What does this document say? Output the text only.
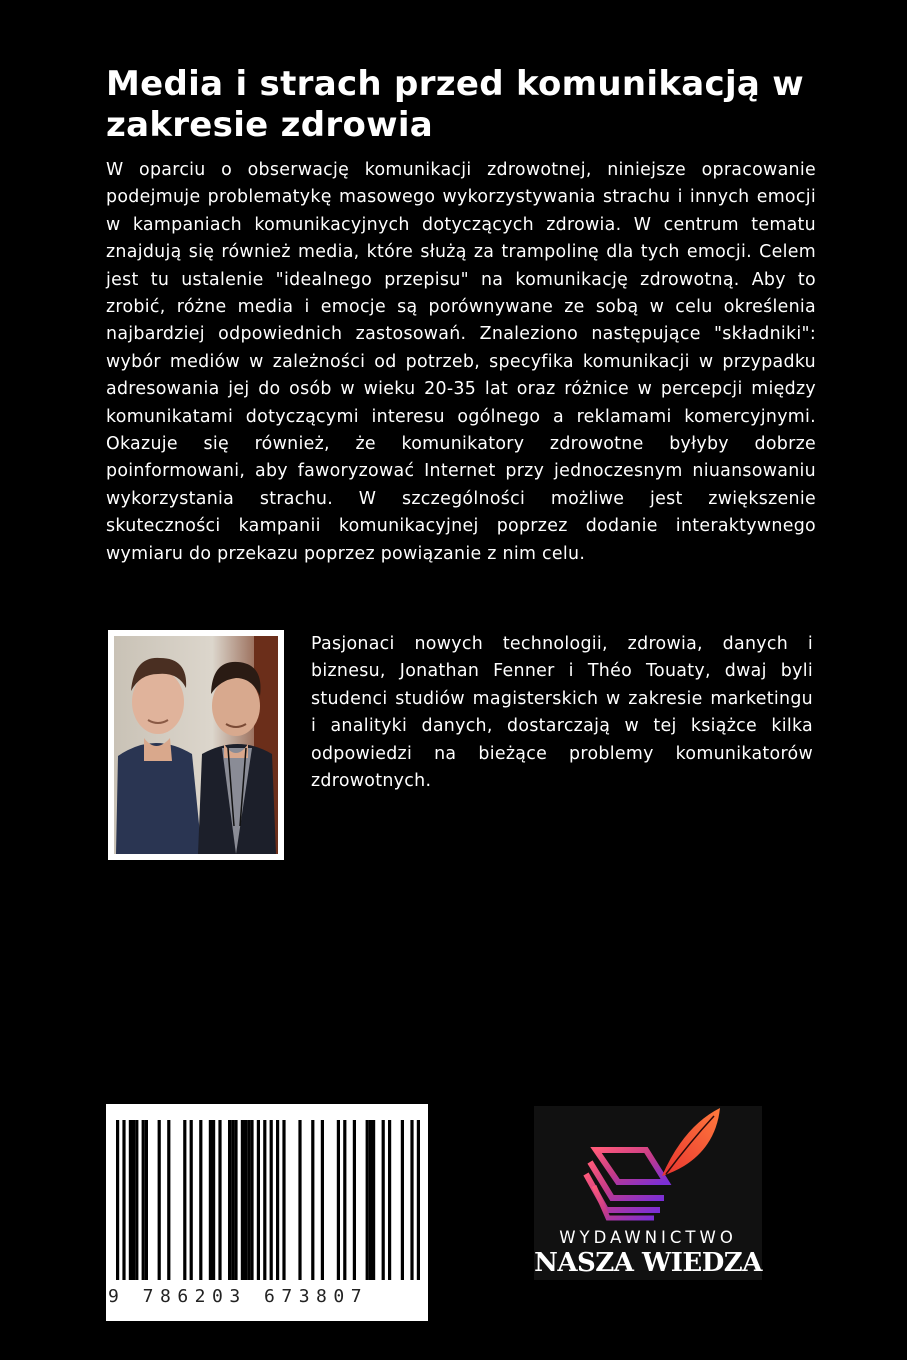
Media i strach przed komunikacją w zakresie zdrowia

W oparciu o obserwację komunikacji zdrowotnej, niniejsze opracowanie podejmuje problematykę masowego wykorzystywania strachu i innych emocji w kampaniach komunikacyjnych dotyczących zdrowia. W centrum tematu znajdują się również media, które służą za trampolinę dla tych emocji. Celem jest tu ustalenie "idealnego przepisu" na komunikację zdrowotną. Aby to zrobić, różne media i emocje są porównywane ze sobą w celu określenia najbardziej odpowiednich zastosowań. Znaleziono następujące "składniki": wybór mediów w zależności od potrzeb, specyfika komunikacji w przypadku adresowania jej do osób w wieku 20-35 lat oraz różnice w percepcji między komunikatami dotyczącymi interesu ogólnego a reklamami komercyjnymi. Okazuje się również, że komunikatory zdrowotne byłyby dobrze poinformowani, aby faworyzować Internet przy jednoczesnym niuansowaniu wykorzystania strachu. W szczególności możliwe jest zwiększenie skuteczności kampanii komunikacyjnej poprzez dodanie interaktywnego wymiaru do przekazu poprzez powiązanie z nim celu.

Pasjonaci nowych technologii, zdrowia, danych i biznesu, Jonathan Fenner i Théo Touaty, dwaj byli studenci studiów magisterskich w zakresie marketingu i analityki danych, dostarczają w tej książce kilka odpowiedzi na bieżące problemy komunikatorów zdrowotnych.

9 786203 673807
WYDAWNICTWO
NASZA WIEDZA
